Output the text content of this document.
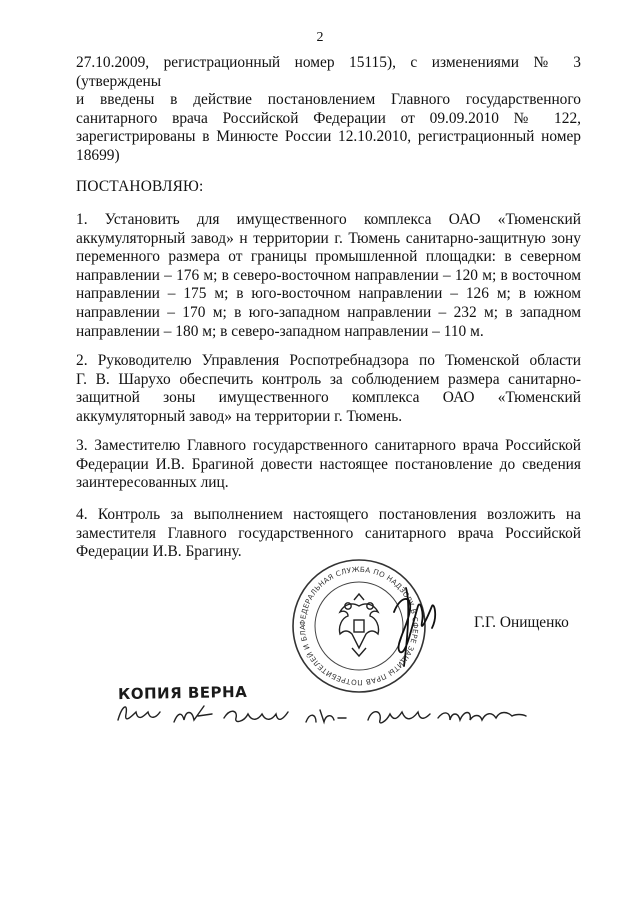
2
27.10.2009, регистрационный номер 15115), с изменениями № 3 (утверждены
и введены в действие постановлением Главного государственного
санитарного врача Российской Федерации от 09.09.2010 № 122,
зарегистрированы в Минюсте России 12.10.2010, регистрационный номер
18699)
ПОСТАНОВЛЯЮ:
1. Установить для имущественного комплекса ОАО «Тюменский
аккумуляторный завод» н территории г. Тюмень санитарно-защитную зону
переменного размера от границы промышленной площадки: в северном
направлении – 176 м; в северо-восточном направлении – 120 м; в восточном
направлении – 175 м; в юго-восточном направлении – 126 м; в южном
направлении – 170 м; в юго-западном направлении – 232 м; в западном
направлении – 180 м; в северо-западном направлении – 110 м.
2. Руководителю Управления Роспотребнадзора по Тюменской области
Г. В. Шарухо обеспечить контроль за соблюдением размера санитарно-
защитной зоны имущественного комплекса ОАО «Тюменский
аккумуляторный завод» на территории г. Тюмень.
3. Заместителю Главного государственного санитарного врача Российской
Федерации И.В. Брагиной довести настоящее постановление до сведения
заинтересованных лиц.
4. Контроль за выполнением настоящего постановления возложить на
заместителя Главного государственного санитарного врача Российской
Федерации И.В. Брагину.
ФЕДЕРАЛЬНАЯ СЛУЖБА ПО НАДЗОРУ В СФЕРЕ ЗАЩИТЫ ПРАВ ПОТРЕБИТЕЛЕЙ И БЛАГОПОЛУЧИЯ ЧЕЛОВЕКА
Г.Г. Онищенко
КОПИЯ ВЕРНА
